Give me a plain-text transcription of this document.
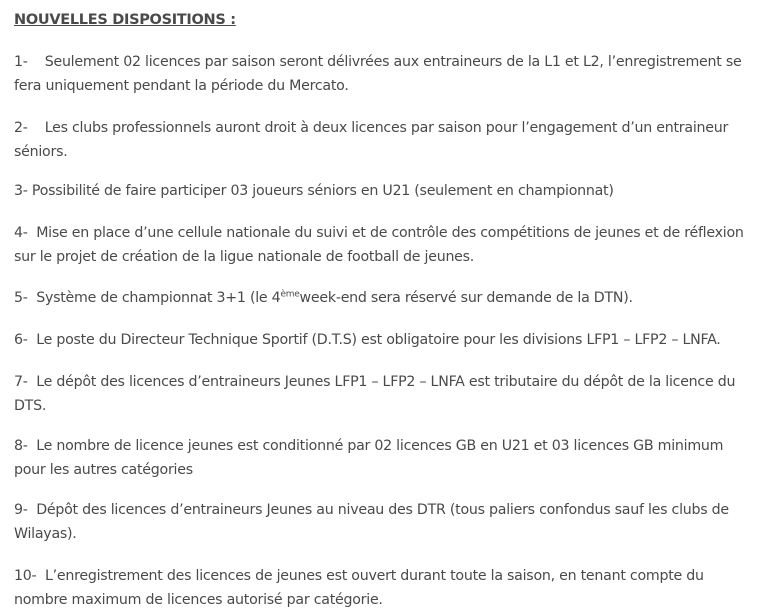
NOUVELLES DISPOSITIONS :

1- Seulement 02 licences par saison seront délivrées aux entraineurs de la L1 et L2, l’enregistrement se fera uniquement pendant la période du Mercato.

2- Les clubs professionnels auront droit à deux licences par saison pour l’engagement d’un entraineur séniors.

3- Possibilité de faire participer 03 joueurs séniors en U21 (seulement en championnat)

4- Mise en place d’une cellule nationale du suivi et de contrôle des compétitions de jeunes et de réflexion sur le projet de création de la ligue nationale de football de jeunes.

5- Système de championnat 3+1 (le 4èmeweek-end sera réservé sur demande de la DTN).

6- Le poste du Directeur Technique Sportif (D.T.S) est obligatoire pour les divisions LFP1 – LFP2 – LNFA.

7- Le dépôt des licences d’entraineurs Jeunes LFP1 – LFP2 – LNFA est tributaire du dépôt de la licence du DTS.

8- Le nombre de licence jeunes est conditionné par 02 licences GB en U21 et 03 licences GB minimum pour les autres catégories

9- Dépôt des licences d’entraineurs Jeunes au niveau des DTR (tous paliers confondus sauf les clubs de Wilayas).

10- L’enregistrement des licences de jeunes est ouvert durant toute la saison, en tenant compte du nombre maximum de licences autorisé par catégorie.
